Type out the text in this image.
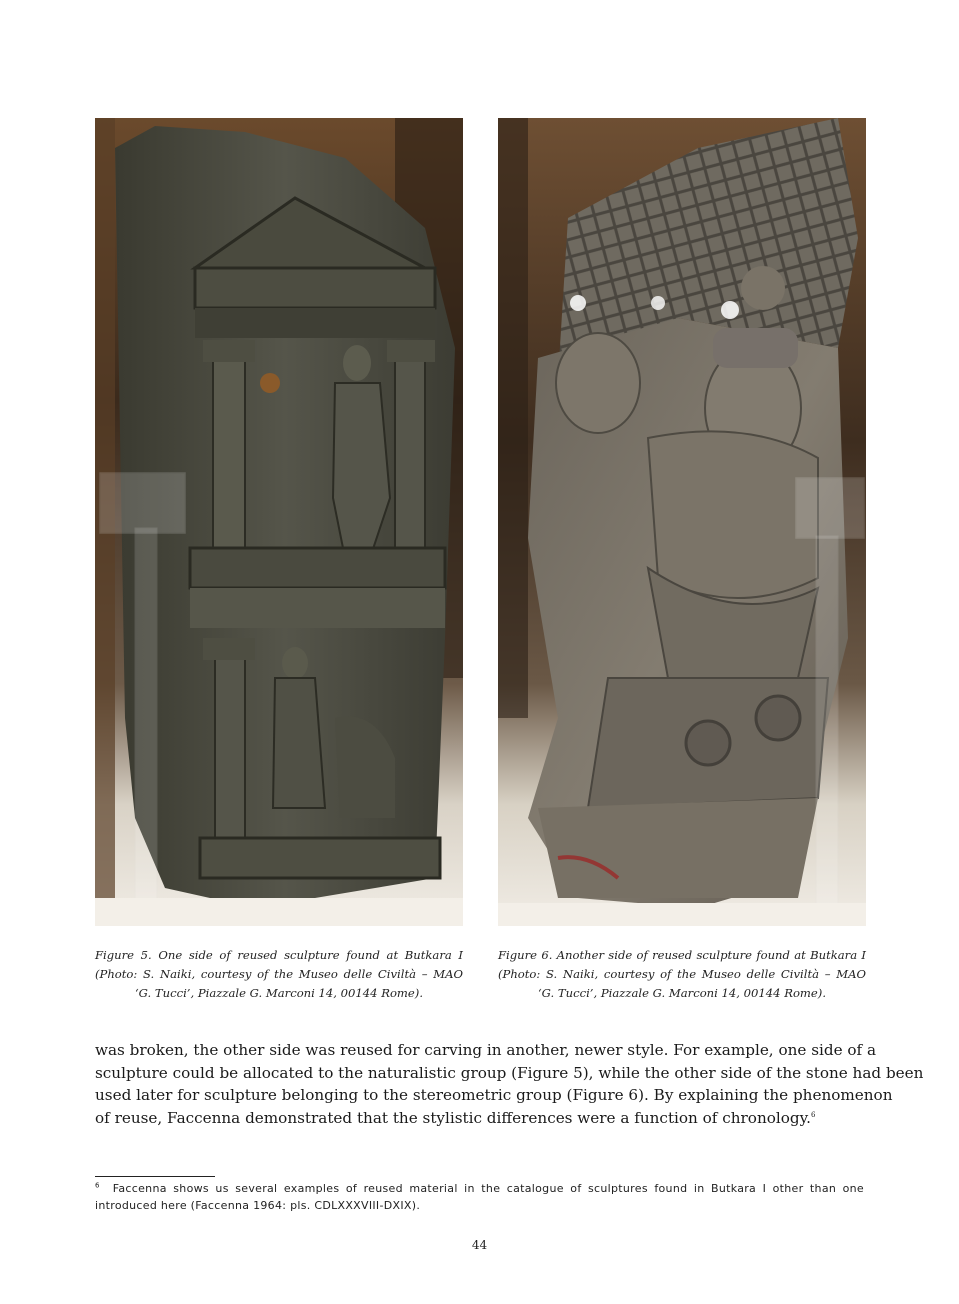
Figure 5. One side of reused sculpture found at Butkara I
(Photo: S. Naiki, courtesy of the Museo delle Civiltà – MAO
‘G. Tucci’, Piazzale G. Marconi 14, 00144 Rome).
Figure 6. Another side of reused sculpture found at Butkara I
(Photo: S. Naiki, courtesy of the Museo delle Civiltà – MAO
‘G. Tucci’, Piazzale G. Marconi 14, 00144 Rome).
was broken, the other side was reused for carving in another, newer style. For example, one side of a
sculpture could be allocated to the naturalistic group (Figure 5), while the other side of the stone had been
used later for sculpture belonging to the stereometric group (Figure 6). By explaining the phenomenon
of reuse, Faccenna demonstrated that the stylistic differences were a function of chronology.$^6$
$^6$ Faccenna shows us several examples of reused material in the catalogue of sculptures found in Butkara I other than one
introduced here (Faccenna 1964: pls. CDLXXXVIII-DXIX).
44
